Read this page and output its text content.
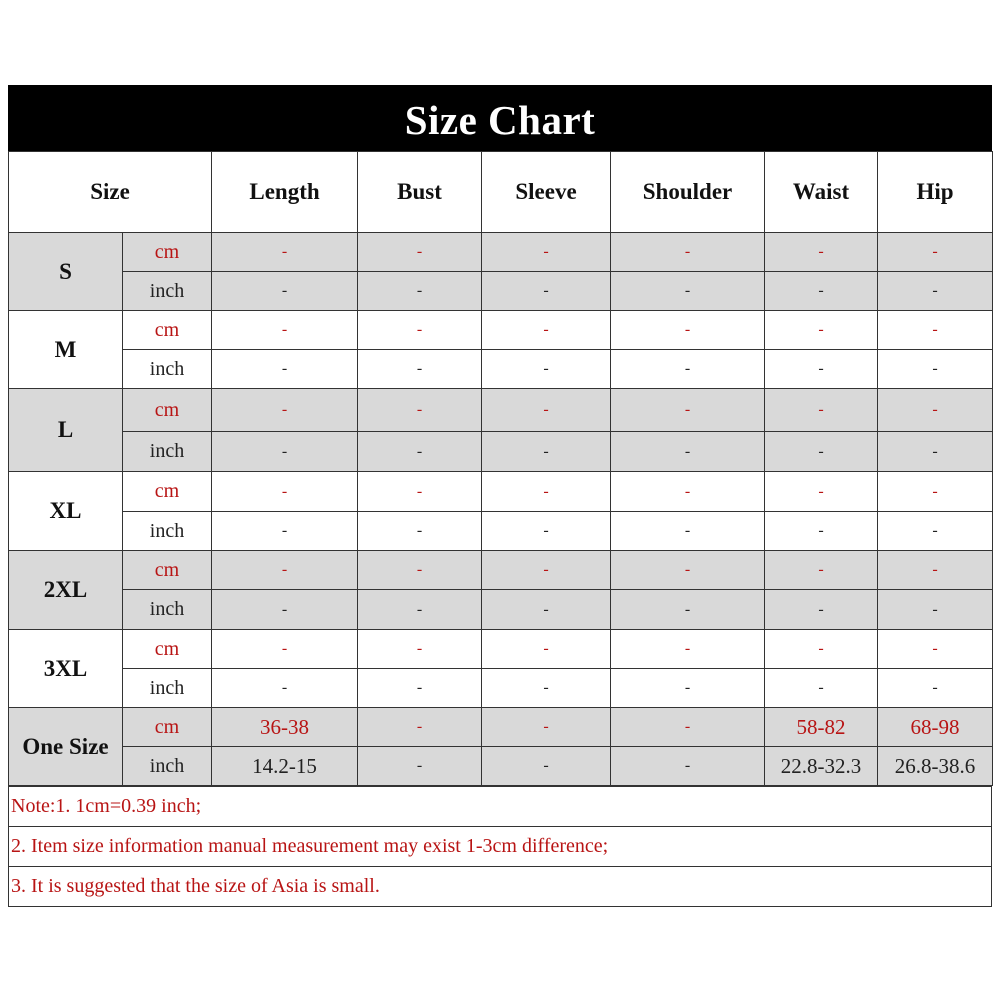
Size Chart
Size		Length	Bust	Sleeve	Shoulder	Waist	Hip
S	cm	-	-	-	-	-	-
	inch	-	-	-	-	-	-
M	cm	-	-	-	-	-	-
	inch	-	-	-	-	-	-
L	cm	-	-	-	-	-	-
	inch	-	-	-	-	-	-
XL	cm	-	-	-	-	-	-
	inch	-	-	-	-	-	-
2XL	cm	-	-	-	-	-	-
	inch	-	-	-	-	-	-
3XL	cm	-	-	-	-	-	-
	inch	-	-	-	-	-	-
One Size	cm	36-38	-	-	-	58-82	68-98
	inch	14.2-15	-	-	-	22.8-32.3	26.8-38.6
Note:1. 1cm=0.39 inch;
2. Item size information manual measurement may exist 1-3cm difference;
3. It is suggested that the size of Asia is small.
